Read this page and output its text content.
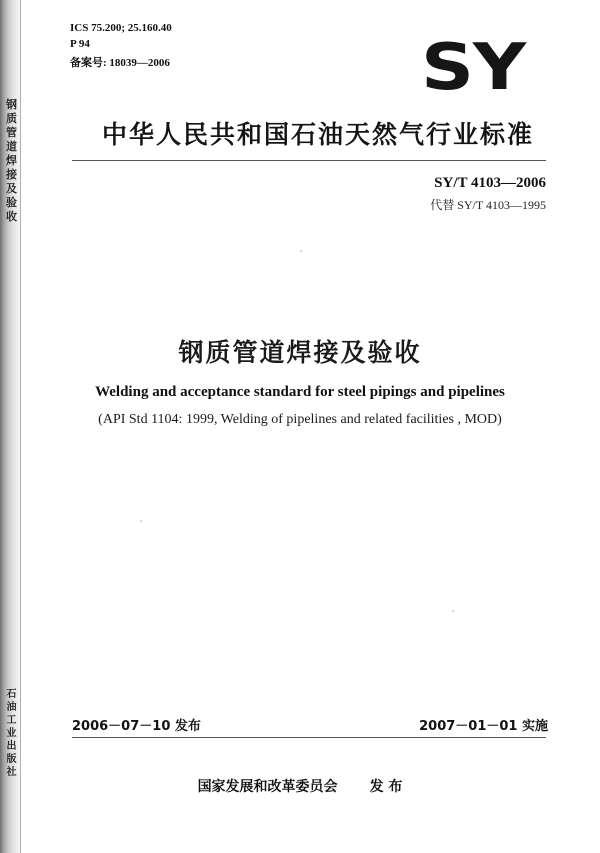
钢质管道焊接及验收
石油工业出版社
ICS 75.200; 25.160.40
P 94
备案号: 18039—2006	SY
中华人民共和国石油天然气行业标准
SY/T 4103—2006
代替 SY/T 4103—1995
钢质管道焊接及验收
Welding and acceptance standard for steel pipings and pipelines
(API Std 1104: 1999, Welding of pipelines and related facilities , MOD)
2006－07－10 发布	2007－01－01 实施
国家发展和改革委员会 发 布
